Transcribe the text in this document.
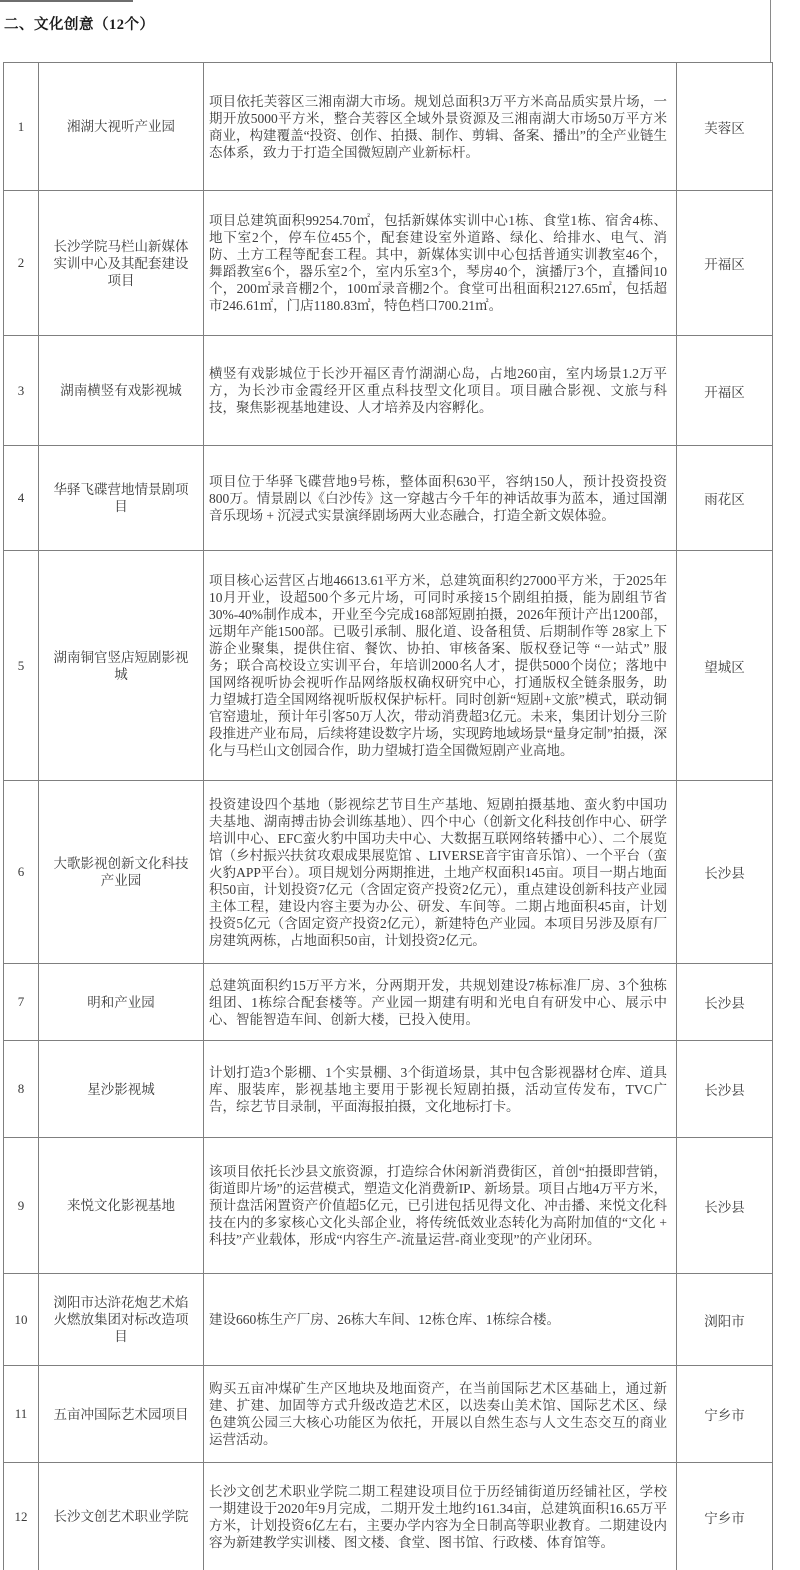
二、文化创意（12个）
1	湘湖大视听产业园	项目依托芙蓉区三湘南湖大市场。规划总面积3万平方米高品质实景片场，一期开放5000平方米，整合芙蓉区全域外景资源及三湘南湖大市场50万平方米商业，构建覆盖“投资、创作、拍摄、制作、剪辑、备案、播出”的全产业链生态体系，致力于打造全国微短剧产业新标杆。	芙蓉区
2	长沙学院马栏山新媒体实训中心及其配套建设项目	项目总建筑面积99254.70㎡，包括新媒体实训中心1栋、食堂1栋、宿舍4栋、地下室2个，停车位455个，配套建设室外道路、绿化、给排水、电气、消防、土方工程等配套工程。其中，新媒体实训中心包括普通实训教室46个，舞蹈教室6个，器乐室2个，室内乐室3个，琴房40个，演播厅3个，直播间10个，200㎡录音棚2个，100㎡录音棚2个。食堂可出租面积2127.65㎡，包括超市246.61㎡，门店1180.83㎡，特色档口700.21㎡。	开福区
3	湖南横竖有戏影视城	横竖有戏影城位于长沙开福区青竹湖湖心岛，占地260亩，室内场景1.2万平方，为长沙市金霞经开区重点科技型文化项目。项目融合影视、文旅与科技，聚焦影视基地建设、人才培养及内容孵化。	开福区
4	华驿飞碟营地情景剧项目	项目位于华驿飞碟营地9号栋，整体面积630平，容纳150人，预计投资投资800万。情景剧以《白沙传》这一穿越古今千年的神话故事为蓝本，通过国潮音乐现场 + 沉浸式实景演绎剧场两大业态融合，打造全新文娱体验。	雨花区
5	湖南铜官竖店短剧影视城	项目核心运营区占地46613.61平方米，总建筑面积约27000平方米，于2025年10月开业，设超500个多元片场，可同时承接15个剧组拍摄，能为剧组节省30%-40%制作成本，开业至今完成168部短剧拍摄，2026年预计产出1200部，远期年产能1500部。已吸引承制、服化道、设备租赁、后期制作等 28家上下游企业聚集，提供住宿、餐饮、协拍、审核备案、版权登记等 “一站式” 服务；联合高校设立实训平台，年培训2000名人才，提供5000个岗位；落地中国网络视听协会视听作品网络版权确权研究中心，打通版权全链条服务，助力望城打造全国网络视听版权保护标杆。同时创新“短剧+文旅”模式，联动铜官窑遗址，预计年引客50万人次，带动消费超3亿元。未来，集团计划分三阶段推进产业布局，后续将建设数字片场，实现跨地域场景“量身定制”拍摄，深化与马栏山文创园合作，助力望城打造全国微短剧产业高地。	望城区
6	大歌影视创新文化科技产业园	投资建设四个基地（影视综艺节目生产基地、短剧拍摄基地、蛮火豹中国功夫基地、湖南搏击协会训练基地）、四个中心（创新文化科技创作中心、研学培训中心、EFC蛮火豹中国功夫中心、大数据互联网络转播中心）、二个展览馆（乡村振兴扶贫攻艰成果展览馆 、LIVERSE音宇宙音乐馆）、一个平台（蛮火豹APP平台）。项目规划分两期推进，土地产权面积145亩。项目一期占地面积50亩，计划投资7亿元（含固定资产投资2亿元），重点建设创新科技产业园主体工程，建设内容主要为办公、研发、车间等。二期占地面积45亩，计划投资5亿元（含固定资产投资2亿元），新建特色产业园。本项目另涉及原有厂房建筑两栋，占地面积50亩，计划投资2亿元。	长沙县
7	明和产业园	总建筑面积约15万平方米，分两期开发，共规划建设7栋标准厂房、3个独栋组团、1栋综合配套楼等。产业园一期建有明和光电自有研发中心、展示中心、智能智造车间、创新大楼，已投入使用。	长沙县
8	星沙影视城	计划打造3个影棚、1个实景棚、3个街道场景，其中包含影视器材仓库、道具库、服装库，影视基地主要用于影视长短剧拍摄，活动宣传发布，TVC广告，综艺节目录制，平面海报拍摄，文化地标打卡。	长沙县
9	来悦文化影视基地	该项目依托长沙县文旅资源，打造综合休闲新消费街区，首创“拍摄即营销，街道即片场”的运营模式，塑造文化消费新IP、新场景。项目占地4万平方米，预计盘活闲置资产价值超5亿元，已引进包括见得文化、冲击播、来悦文化科技在内的多家核心文化头部企业，将传统低效业态转化为高附加值的“文化 + 科技”产业载体，形成“内容生产-流量运营-商业变现”的产业闭环。	长沙县
10	浏阳市达浒花炮艺术焰火燃放集团对标改造项目	建设660栋生产厂房、26栋大车间、12栋仓库、1栋综合楼。	浏阳市
11	五亩冲国际艺术园项目	购买五亩冲煤矿生产区地块及地面资产，在当前国际艺术区基础上，通过新建、扩建、加固等方式升级改造艺术区，以迭奏山美术馆、国际艺术区、绿色建筑公园三大核心功能区为依托，开展以自然生态与人文生态交互的商业运营活动。	宁乡市
12	长沙文创艺术职业学院	长沙文创艺术职业学院二期工程建设项目位于历经铺街道历经铺社区，学校一期建设于2020年9月完成，二期开发土地约161.34亩，总建筑面积16.65万平方米，计划投资6亿左右，主要办学内容为全日制高等职业教育。二期建设内容为新建教学实训楼、图文楼、食堂、图书馆、行政楼、体育馆等。	宁乡市
